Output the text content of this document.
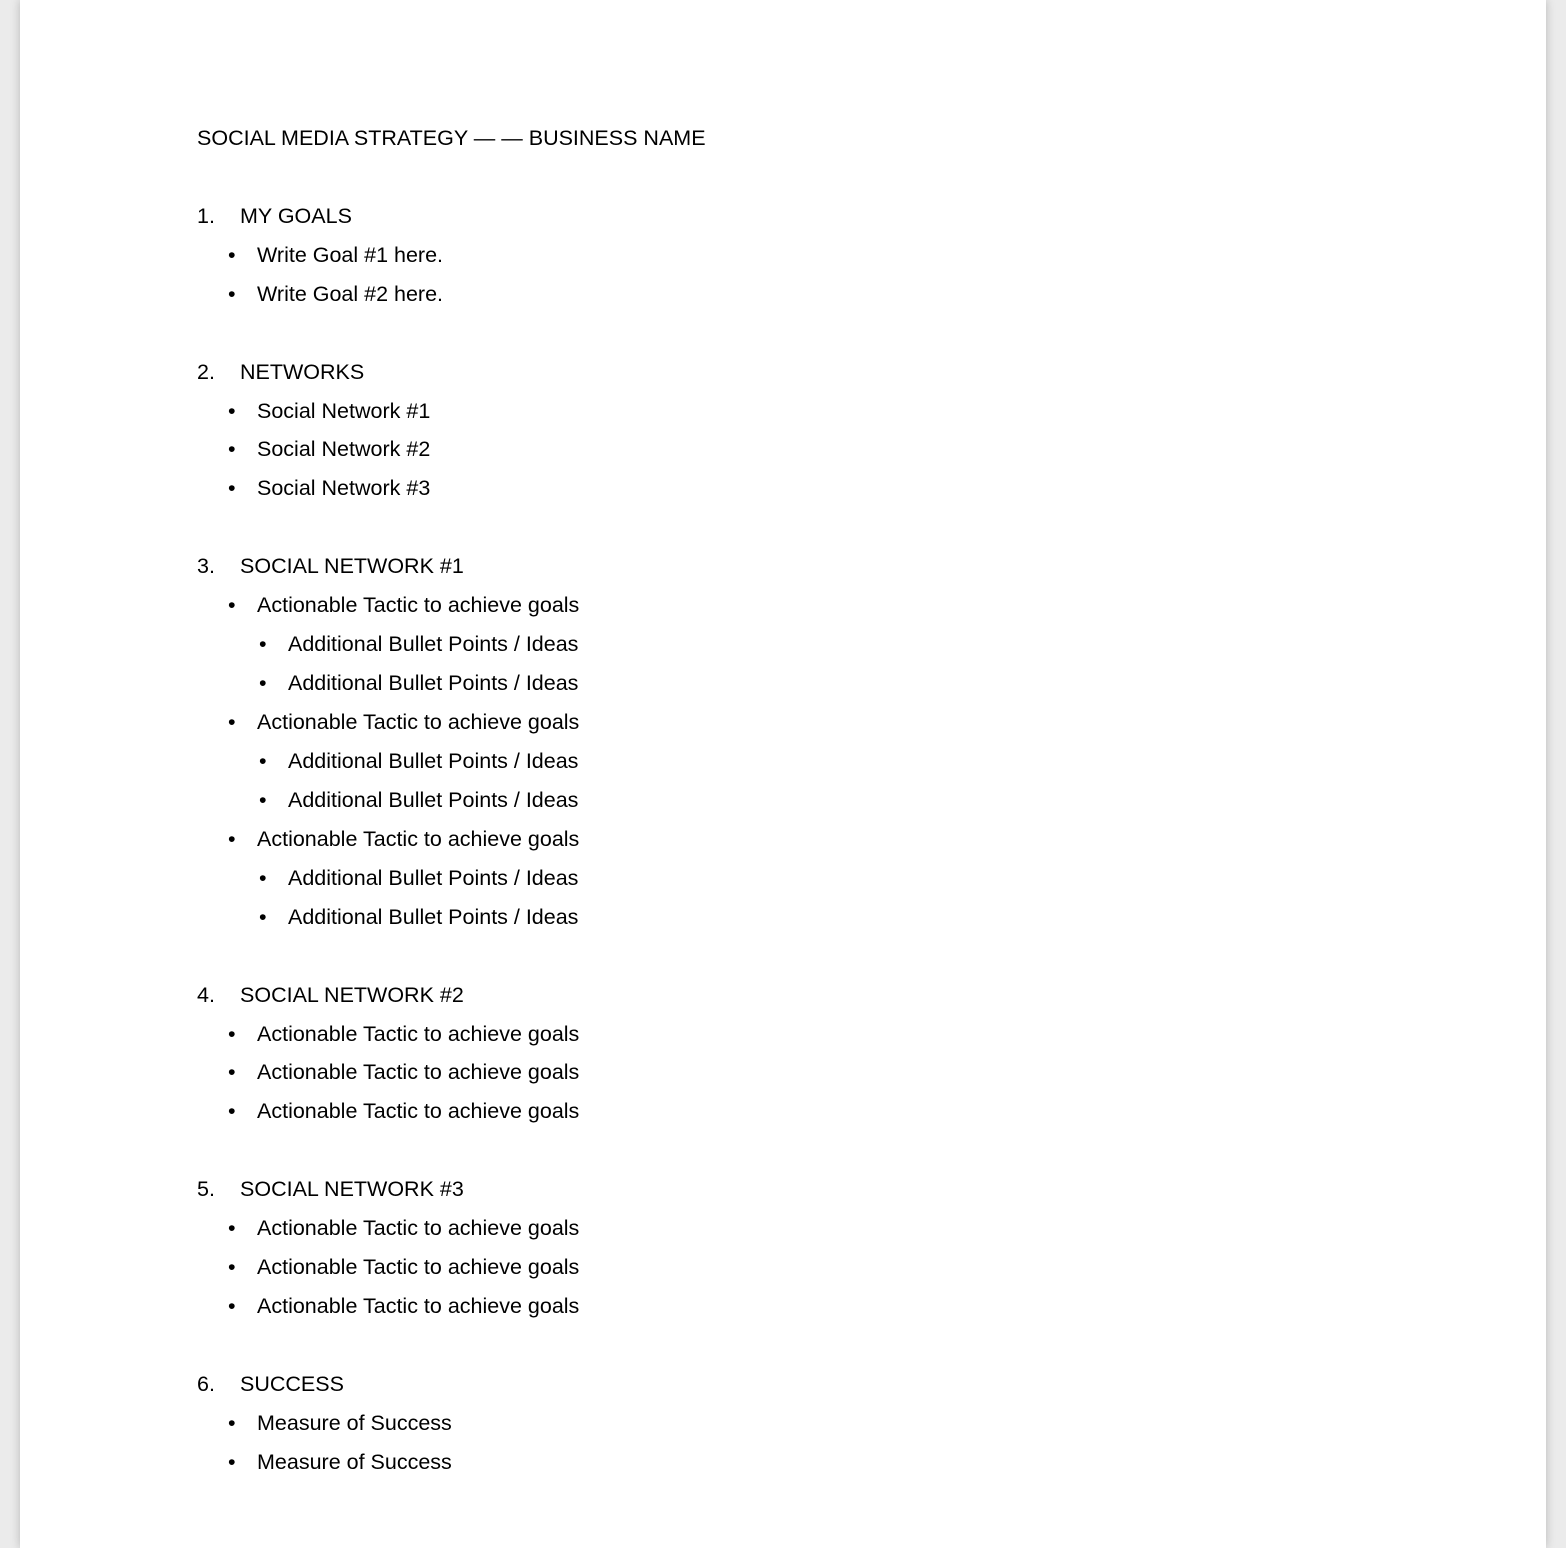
SOCIAL MEDIA STRATEGY — — BUSINESS NAME
1.	MY GOALS
• Write Goal #1 here.
• Write Goal #2 here.
2.	NETWORKS
• Social Network #1
• Social Network #2
• Social Network #3
3.	SOCIAL NETWORK #1
• Actionable Tactic to achieve goals
• Additional Bullet Points / Ideas
• Additional Bullet Points / Ideas
• Actionable Tactic to achieve goals
• Additional Bullet Points / Ideas
• Additional Bullet Points / Ideas
• Actionable Tactic to achieve goals
• Additional Bullet Points / Ideas
• Additional Bullet Points / Ideas
4.	SOCIAL NETWORK #2
• Actionable Tactic to achieve goals
• Actionable Tactic to achieve goals
• Actionable Tactic to achieve goals
5.	SOCIAL NETWORK #3
• Actionable Tactic to achieve goals
• Actionable Tactic to achieve goals
• Actionable Tactic to achieve goals
6.	SUCCESS
• Measure of Success
• Measure of Success
